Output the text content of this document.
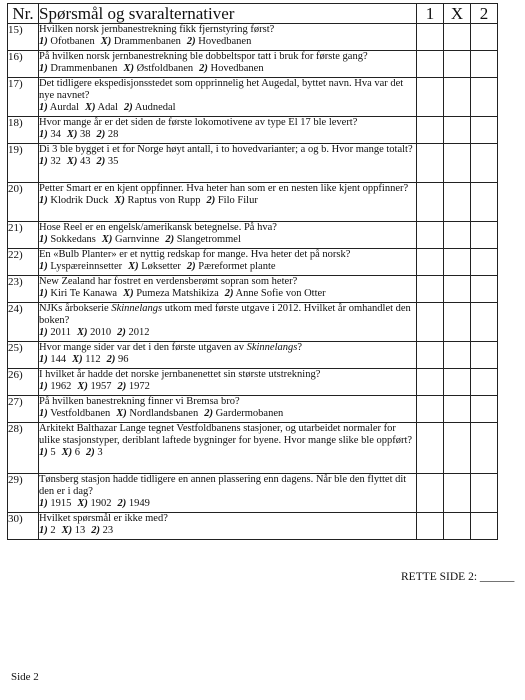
Nr.	Spørsmål og svaralternativer	1	X	2
15)	Hvilken norsk jernbanestrekning fikk fjernstyring først?
1) Ofotbanen X) Drammenbanen 2) Hovedbanen			

16)	På hvilken norsk jernbanestrekning ble dobbeltspor tatt i bruk for første gang?
1) Drammenbanen X) Østfoldbanen 2) Hovedbanen			

17)	Det tidligere ekspedisjonsstedet som opprinnelig het Augedal, byttet navn. Hva var det nye navnet?
1) Aurdal X) Adal 2) Audnedal			

18)	Hvor mange år er det siden de første lokomotivene av type El 17 ble levert?
1) 34 X) 38 2) 28			

19)	Di 3 ble bygget i et for Norge høyt antall, i to hovedvarianter; a og b. Hvor mange totalt?
1) 32 X) 43 2) 35			

20)	Petter Smart er en kjent oppfinner. Hva heter han som er en nesten like kjent oppfinner?
1) Klodrik Duck X) Raptus von Rupp 2) Filo Filur			

21)	Hose Reel er en engelsk/amerikansk betegnelse. På hva?
1) Sokkedans X) Garnvinne 2) Slangetrommel			

22)	En «Bulb Planter» er et nyttig redskap for mange. Hva heter det på norsk?
1) Lyspæreinnsetter X) Løksetter 2) Pæreformet plante			

23)	New Zealand har fostret en verdensberømt sopran som heter?
1) Kiri Te Kanawa X) Pumeza Matshikiza 2) Anne Sofie von Otter			

24)	NJKs årbokserie Skinnelangs utkom med første utgave i 2012. Hvilket år omhandlet den boken?
1) 2011 X) 2010 2) 2012			

25)	Hvor mange sider var det i den første utgaven av Skinnelangs?
1) 144 X) 112 2) 96			

26)	I hvilket år hadde det norske jernbanenettet sin største utstrekning?
1) 1962 X) 1957 2) 1972			

27)	På hvilken banestrekning finner vi Bremsa bro?
1) Vestfoldbanen X) Nordlandsbanen 2) Gardermobanen			

28)	Arkitekt Balthazar Lange tegnet Vestfoldbanens stasjoner, og utarbeidet normaler for ulike stasjonstyper, deriblant laftede bygninger for byene. Hvor mange slike ble oppført?
1) 5 X) 6 2) 3			

29)	Tønsberg stasjon hadde tidligere en annen plassering enn dagens. Når ble den flyttet dit den er i dag?
1) 1915 X) 1902 2) 1949			

30)	Hvilket spørsmål er ikke med?
1) 2 X) 13 2) 23			

RETTE SIDE 2: ______
Side 2
